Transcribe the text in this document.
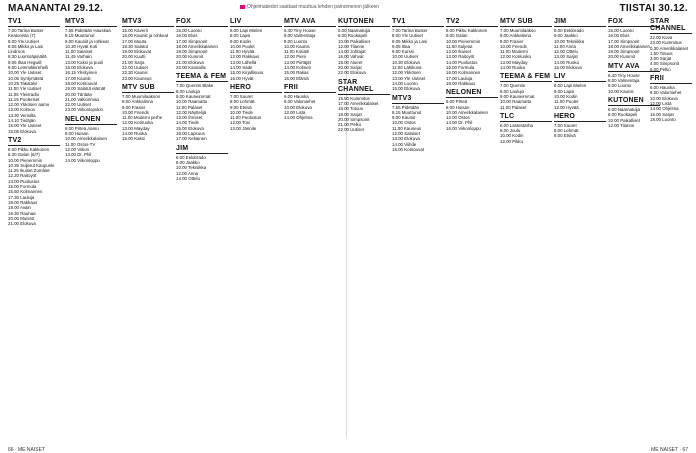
MAANANTAI 29.12.	Ohjelmatiedot saattaat muuttua lehden painomenon jälkeen	TIISTAI 30.12.
TV1
7.00 Tarina Buster Keatonista (7)
8.00 Yle Uutiset
8.05 Mikko ja Lasi Lindroos
8.30 Luontoäpinäitä
9.05 Iltaa Hegwill
9.50 Lemmikkirehelli
10.00 Yle Uutiset
10.05 Syntymästä
10.25 Takatalvi
11.00 Yle Uutiset
11.05 Yleisradio
11.15 Puoleriset
12.00 Ykkösen aamu
13.00 Kolmos
13.30 Verisilta
14.10 Tietäjän
15.00 Yle Uutiset
15.05 Elokuva
TV2
8.00 Pikku Kakkonen
8.30 Galan (6/7)
10.00 Pienemmin
10.35 Suljetut Kaupunki
11.25 Ikuiset Zombiet
12.20 Raitoyöt
13.00 Puolustus
15.00 Formula
15.50 Kolmannes
17.30 Lauluja
18.00 Rakkaus
19.00 Avain
19.30 Rauhaa
20.00 Muistot
21.00 Elokuva
MTV3
7.55 Pidetään Hauskaa
8.15 Muuttunut
9.00 Kauniit ja rohkeat
10.30 Hyvät Koti
11.00 Salaiset
11.45 Varhain
13.00 Kaksi ja puoli
15.00 Elokuva
16.15 Yksityinen
17.00 Kauniit
18.00 Kotirouvat
19.00 Salatut elämät
20.00 Tänään
21.00 Valtionmaa
22.00 Uutiset
23.00 Viikonlopuksi
NELONEN
6.00 Pirteä Aamu
8.00 Huisan
10.00 Amerikkalainen
11.00 Ostos-TV
12.00 Viikon
13.00 Dr. Phil
14.00 Viikonloppu
MTV3
15.00 Kaverit
16.00 Kauniit ja rohkeat
17.00 Muuta
18.30 Salatut
19.00 Elokuvat
20.00 Kuutti
21.00 Sarja
22.00 Uutiset
22.30 Kaunis
23.00 Kauneus
MTV SUB
7.00 Muumilaakson
8.00 Ankkalinna
9.00 Frasier
10.00 Friends
11.00 Moderni perhe
12.00 Kotiruoka
13.00 Mayday
14.00 Ruoka
15.00 Kaksi
FOX
15.00 Luonto
16.00 Elvis
17.00 Simpsonit
18.00 Amerikkalainen
19.00 Simpsonit
20.00 Kummit
21.00 Elokuva
22.00 Kansallis
TEEMA & FEM
7.00 Quentin Blake
8.00 Lauluja
9.00 Kauneimmat
10.00 Raamattu
11.00 Palaset
12.00 Näyttelijä
13.00 Ihmiset
14.00 Tiede
15.00 Elokuva
16.00 Lapsuus
17.00 Keltainen
JIM
6.00 Eeldorado
8.00 Jaakko
10.00 Tekniikka
12.00 Anna
14.00 Ottelu
LIV
6.00 Lapi Mielen
8.00 Lapsi
9.00 Kodin
10.00 Puolet
11.00 Hyvää
12.00 Rakkaus
13.00 Lähellä
14.00 Sade
15.00 Kirjallisuus
16.00 Hyvät
HERO
7.00 Suuret
8.00 Lehmät
9.00 Etsivä
10.00 Tiede
11.00 Puolustus
12.00 Tosi
13.00 Jännite
MTV AVA
6.40 Tiny House
8.00 Valmentaja
9.00 Luonto
10.00 Kaunis
11.00 Kotiäiti
12.00 Pieni
13.00 Piirtäjät
14.00 Kolmen
15.00 Rakas
16.00 Elämä
FRII
6.00 Hauska
8.00 Valomiehet
10.00 Elokuva
12.00 Lista
14.00 Ohjelma
KUTONEN
6.00 Naamatuija
8.00 Ruokapeli
10.00 Paikalliset
12.00 Tilanne
14.00 Johtajat
16.00 Vahvat
18.00 Alueet
20.00 Sarjat
22.00 Elokuva
STAR CHANNEL
15.50 Kummitus
17.00 Amerikkalaiset
18.00 Totuus
19.00 Sarjat
20.00 Simpsonit
21.00 Pelko
22.00 Uutiset
TV1
7.00 Tarina Buster
8.00 Yle Uutiset
8.05 Mikko ja Lasi
9.05 Iltaa
9.50 Kurssi
10.00 Uutiset
10.30 Elokuva
11.00 Lähikuva
12.00 Ykkösen
13.00 Yle Uutiset
14.00 Luonto
15.00 Elokuva
MTV3
7.55 Pidetään
8.15 Muuttunut
9.00 Kauniit
10.00 Ostos
11.00 Kauneus
12.00 Salaiset
13.00 Elokuva
14.00 Viihde
15.00 Kotirouvat
TV2
8.00 Pikku Kakkonen
9.00 Galan
10.00 Pienemmin
11.00 Suljetut
12.00 Ikuiset
13.00 Raitoyöt
14.00 Puolustus
15.00 Formula
16.00 Kolmannes
17.00 Lauluja
18.00 Rakkaus
NELONEN
6.00 Pirteä
8.00 Huisan
10.00 Amerikkalainen
12.00 Ostos
14.00 Dr. Phil
16.00 Viikonloppu
MTV SUB
7.00 Muumilaakso
8.00 Ankkalinna
9.00 Frasier
10.00 Friends
11.00 Moderni
12.00 Kotiruoka
13.00 Mayday
14.00 Ruoka
TEEMA & FEM
7.00 Quentin
8.00 Lauluja
9.00 Kauneimmat
10.00 Raamattu
11.00 Palaset
TLC
6.00 Lastentarha
8.00 Joulu
10.00 Kodin
12.00 Pikku
JIM
8.00 Eeldorado
9.00 Jaakko
10.00 Tekniikka
11.00 Anna
12.00 Ottelu
13.00 Sarjat
14.00 Ruoka
15.00 Elokuva
LIV
8.00 Lapi Mielen
9.00 Lapsi
10.00 Kodin
11.00 Puolet
12.00 Hyvää
HERO
7.00 Suuret
8.00 Lehmät
9.00 Etsivä
FOX
15.00 Luonto
16.00 Elvis
17.00 Simpsonit
18.00 Amerikkalainen
19.00 Simpsonit
20.00 Kummit
MTV AVA
6.40 Tiny House
8.00 Valmentaja
9.00 Luonto
10.00 Kaunis
KUTONEN
6.00 Naamatuija
8.00 Ruokapeli
10.00 Paikalliset
12.00 Tilanne
STAR CHANNEL
22.00 Kova
23.00 Kummitus
0.30 Amerikkalaiset
1.50 Totuus
3.00 Sarjat
4.00 Simpsonit
5.00 Pelko
FRII
6.00 Hauska
8.00 Valomiehet
10.00 Elokuva
12.00 Lista
14.00 Ohjelma
16.00 Sarjat
18.00 Luonto
66 · ME NAISET	ME NAISET · 67
